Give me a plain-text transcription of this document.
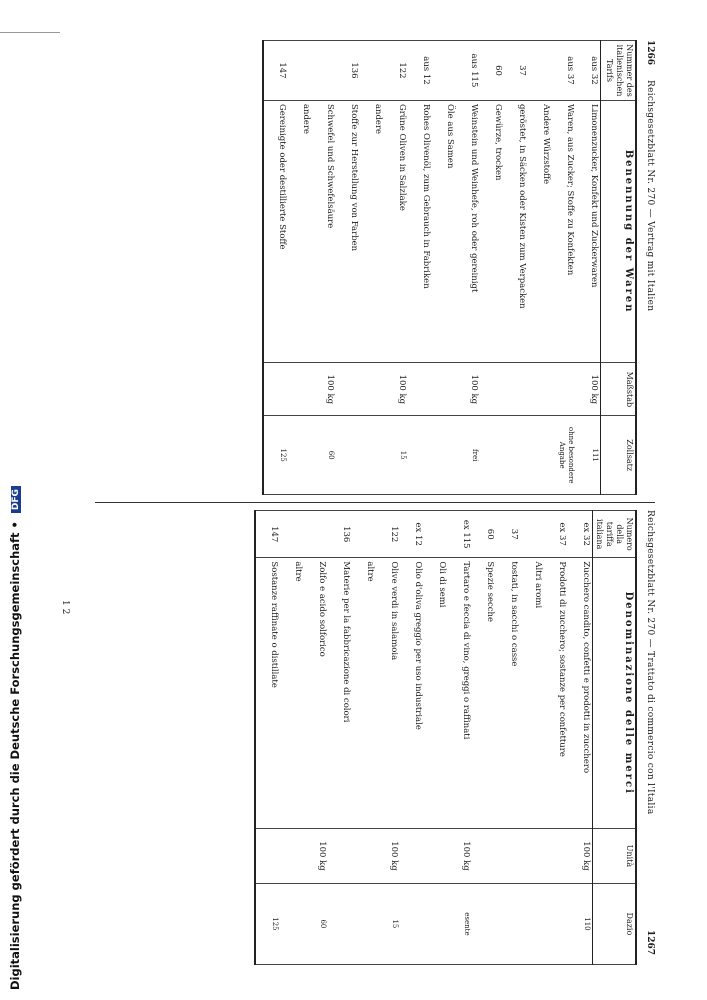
Digitalisierung gefördert durch die Deutsche Forschungsgemeinschaft • DFG
1266
Reichsgesetzblatt Nr. 270 — Vertrag mit Italien
Nummer des italienischen Tarifs	Benennung der Waren	Maßstab	Zollsatz
aus 32	Limonenzucker, Konfekt und Zuckerwaren	100 kg	111
aus 37	Waren, aus Zucker; Stoffe zu Konfekten		ohne besondere Angabe
	Andere Würzstoffe		
37	geröstet, in Säcken oder Kisten zum Verpacken		
60	Gewürze, trocken		
aus 115	Weinstein und Weinhefe, roh oder gereinigt	100 kg	frei
	Öle aus Samen		
aus 12	Rohes Olivenöl, zum Gebrauch in Fabriken		
122	Grüne Oliven in Salzlake	100 kg	15
	andere		
136	Stoffe zur Herstellung von Farben		
	Schwefel und Schwefelsäure	100 kg	60
	andere		
147	Gereinigte oder destillierte Stoffe		125
Reichsgesetzblatt Nr. 270 — Trattato di commercio con l'Italia
1267
Numero della tariffa italiana	Denominazione delle merci	Unità	Dazio
ex 32	Zucchero candito, confetti e prodotti in zucchero	100 kg	110
ex 37	Prodotti di zucchero; sostanze per confetture		
	Altri aromi		
37	tostati, in sacchi o casse		
60	Spezie secche		
ex 115	Tartaro e feccia di vino, greggi o raffinati	100 kg	esente
	Oli di semi		
ex 12	Olio d'oliva greggio per uso industriale		
122	Olive verdi in salamoia	100 kg	15
	altre		
136	Materie per la fabbricazione di colori		
	Zolfo e acido solforico	100 kg	60
	altre		
147	Sostanze raffinate o distillate		125
1 2
